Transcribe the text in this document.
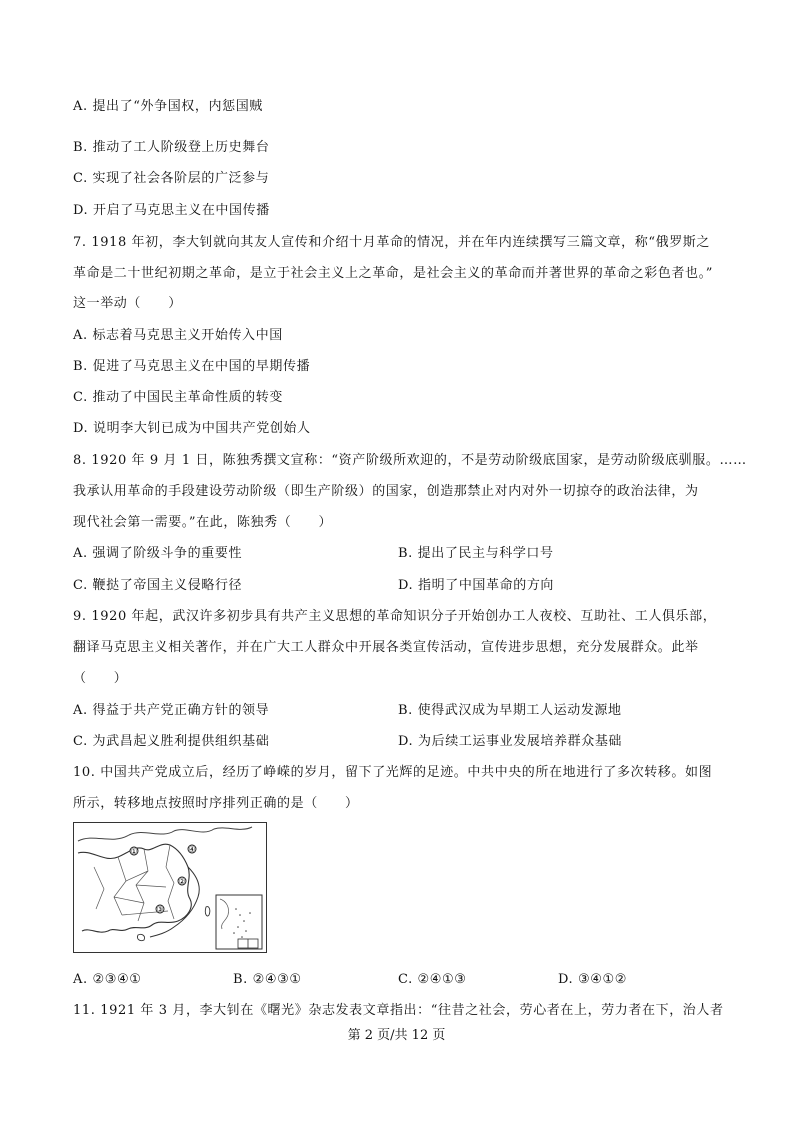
A. 提出了“外争国权，内惩国贼
B. 推动了工人阶级登上历史舞台
C. 实现了社会各阶层的广泛参与
D. 开启了马克思主义在中国传播
7. 1918 年初，李大钊就向其友人宣传和介绍十月革命的情况，并在年内连续撰写三篇文章，称“俄罗斯之
革命是二十世纪初期之革命，是立于社会主义上之革命，是社会主义的革命而并著世界的革命之彩色者也。”
这一举动（　　）
A. 标志着马克思主义开始传入中国
B. 促进了马克思主义在中国的早期传播
C. 推动了中国民主革命性质的转变
D. 说明李大钊已成为中国共产党创始人
8. 1920 年 9 月 1 日，陈独秀撰文宣称：“资产阶级所欢迎的，不是劳动阶级底国家，是劳动阶级底驯服。……
我承认用革命的手段建设劳动阶级（即生产阶级）的国家，创造那禁止对内对外一切掠夺的政治法律，为
现代社会第一需要。”在此，陈独秀（　　）
A. 强调了阶级斗争的重要性	B. 提出了民主与科学口号
C. 鞭挞了帝国主义侵略行径	D. 指明了中国革命的方向
9. 1920 年起，武汉许多初步具有共产主义思想的革命知识分子开始创办工人夜校、互助社、工人俱乐部，
翻译马克思主义相关著作，并在广大工人群众中开展各类宣传活动，宣传进步思想，充分发展群众。此举
（　　）
A. 得益于共产党正确方针的领导	B. 使得武汉成为早期工人运动发源地
C. 为武昌起义胜利提供组织基础	D. 为后续工运事业发展培养群众基础
10. 中国共产党成立后，经历了峥嵘的岁月，留下了光辉的足迹。中共中央的所在地进行了多次转移。如图
所示，转移地点按照时序排列正确的是（　　）
①
②
③
④
A. ②③④①	B. ②④③①	C. ②④①③	D. ③④①②
11. 1921 年 3 月，李大钊在《曙光》杂志发表文章指出：“往昔之社会，劳心者在上，劳力者在下，治人者
第 2 页/共 12 页
